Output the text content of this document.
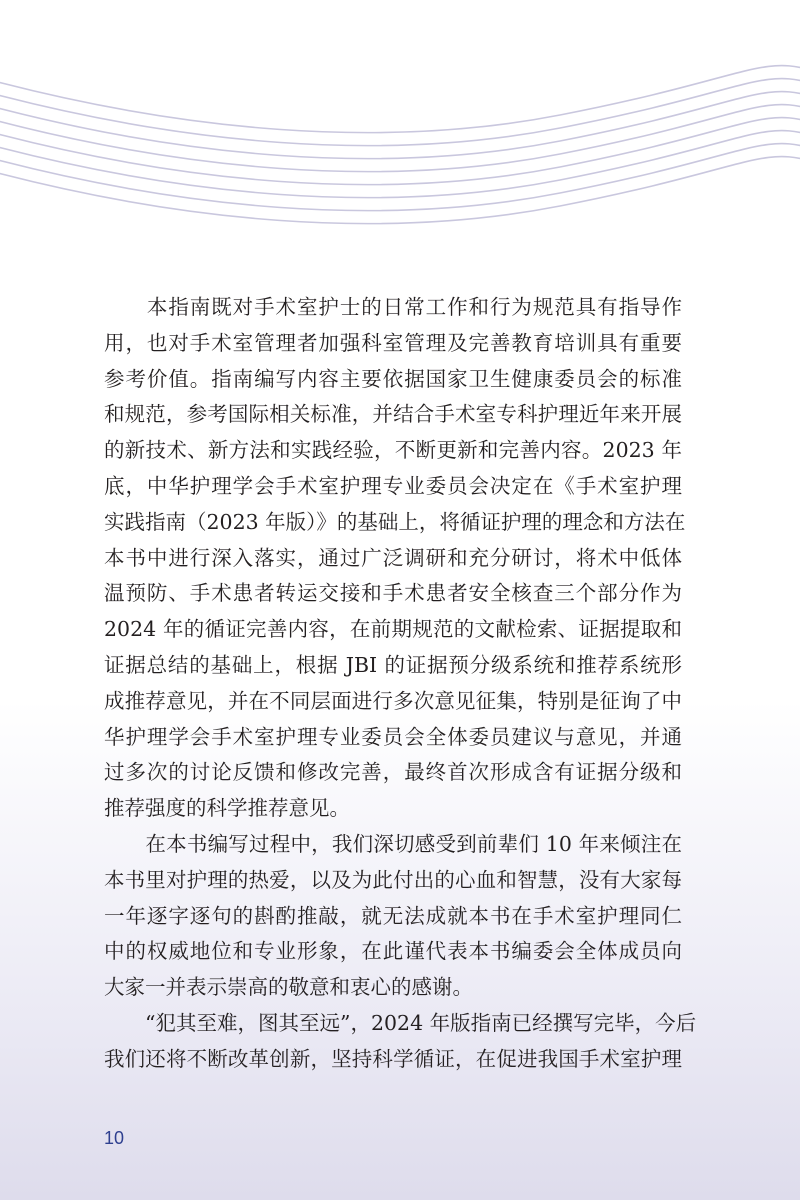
　　本指南既对手术室护士的日常工作和行为规范具有指导作
用，也对手术室管理者加强科室管理及完善教育培训具有重要
参考价值。指南编写内容主要依据国家卫生健康委员会的标准
和规范，参考国际相关标准，并结合手术室专科护理近年来开展
的新技术、新方法和实践经验，不断更新和完善内容。2023 年
底，中华护理学会手术室护理专业委员会决定在《手术室护理
实践指南（2023 年版）》的基础上，将循证护理的理念和方法在
本书中进行深入落实，通过广泛调研和充分研讨，将术中低体
温预防、手术患者转运交接和手术患者安全核查三个部分作为
2024 年的循证完善内容，在前期规范的文献检索、证据提取和
证据总结的基础上，根据 JBI 的证据预分级系统和推荐系统形
成推荐意见，并在不同层面进行多次意见征集，特别是征询了中
华护理学会手术室护理专业委员会全体委员建议与意见，并通
过多次的讨论反馈和修改完善，最终首次形成含有证据分级和
推荐强度的科学推荐意见。

　　在本书编写过程中，我们深切感受到前辈们 10 年来倾注在
本书里对护理的热爱，以及为此付出的心血和智慧，没有大家每
一年逐字逐句的斟酌推敲，就无法成就本书在手术室护理同仁
中的权威地位和专业形象，在此谨代表本书编委会全体成员向
大家一并表示崇高的敬意和衷心的感谢。

　　“犯其至难，图其至远”，2024 年版指南已经撰写完毕，今后
我们还将不断改革创新，坚持科学循证，在促进我国手术室护理

10
